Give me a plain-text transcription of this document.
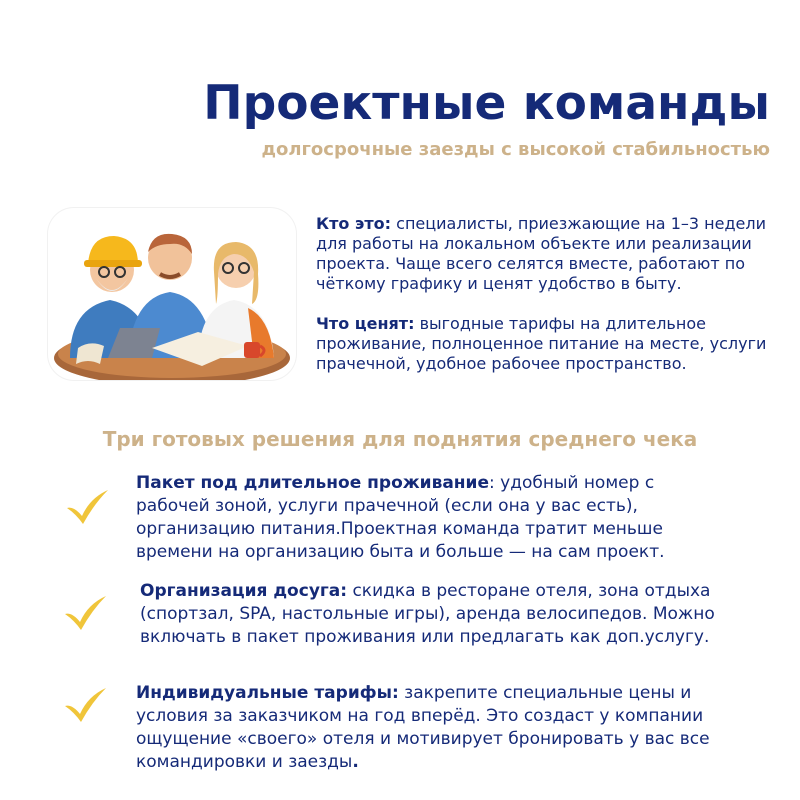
Проектные команды
долгосрочные заезды с высокой стабильностью

Кто это: специалисты, приезжающие на 1–3 недели для работы на локальном объекте или реализации проекта. Чаще всего селятся вместе, работают по чёткому графику и ценят удобство в быту.

Что ценят: выгодные тарифы на длительное проживание, полноценное питание на месте, услуги прачечной, удобное рабочее пространство.

Три готовых решения для поднятия среднего чека
Пакет под длительное проживание: удобный номер с рабочей зоной, услуги прачечной (если она у вас есть), организацию питания.Проектная команда тратит меньше времени на организацию быта и больше — на сам проект.
Организация досуга: скидка в ресторане отеля, зона отдыха (спортзал, SPA, настольные игры), аренда велосипедов. Можно включать в пакет проживания или предлагать как доп.услугу.
Индивидуальные тарифы: закрепите специальные цены и условия за заказчиком на год вперёд. Это создаст у компании ощущение «своего» отеля и мотивирует бронировать у вас все командировки и заезды.
